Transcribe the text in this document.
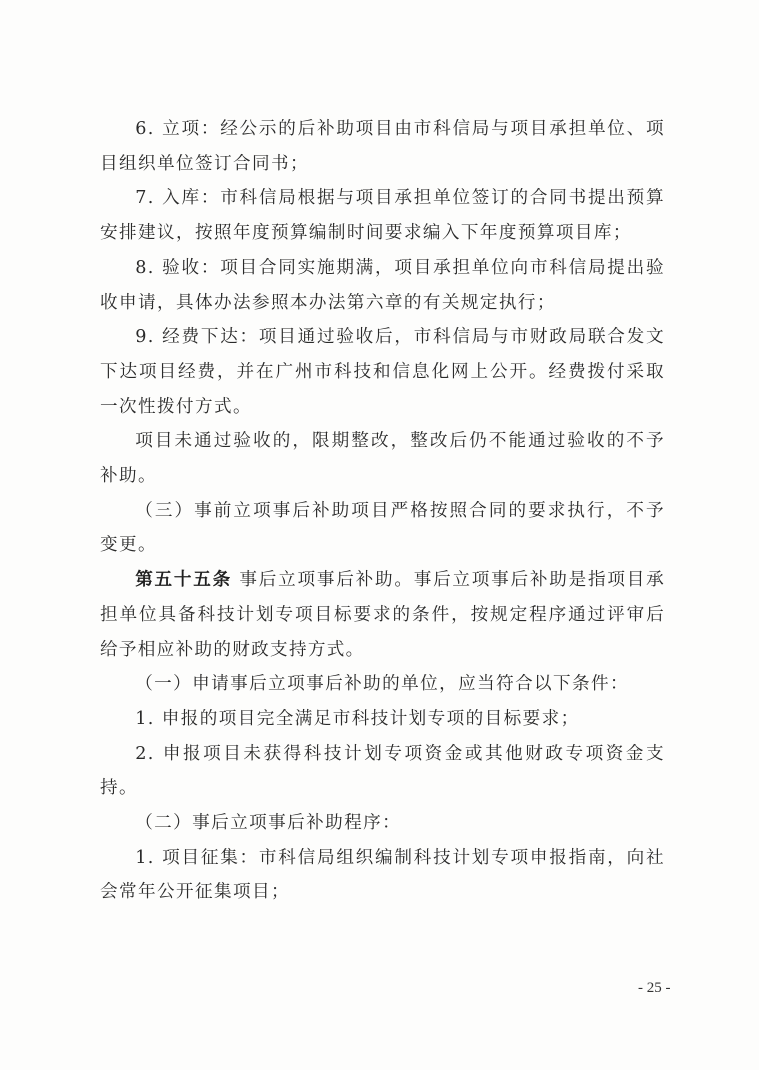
6. 立项：经公示的后补助项目由市科信局与项目承担单位、项目组织单位签订合同书；

7. 入库：市科信局根据与项目承担单位签订的合同书提出预算安排建议，按照年度预算编制时间要求编入下年度预算项目库；

8. 验收：项目合同实施期满，项目承担单位向市科信局提出验收申请，具体办法参照本办法第六章的有关规定执行；

9. 经费下达：项目通过验收后，市科信局与市财政局联合发文下达项目经费，并在广州市科技和信息化网上公开。经费拨付采取一次性拨付方式。

项目未通过验收的，限期整改，整改后仍不能通过验收的不予补助。

（三）事前立项事后补助项目严格按照合同的要求执行，不予变更。

第五十五条 事后立项事后补助。事后立项事后补助是指项目承担单位具备科技计划专项目标要求的条件，按规定程序通过评审后给予相应补助的财政支持方式。

（一）申请事后立项事后补助的单位，应当符合以下条件：

1. 申报的项目完全满足市科技计划专项的目标要求；

2. 申报项目未获得科技计划专项资金或其他财政专项资金支持。

（二）事后立项事后补助程序：

1. 项目征集：市科信局组织编制科技计划专项申报指南，向社会常年公开征集项目；

- 25 -
